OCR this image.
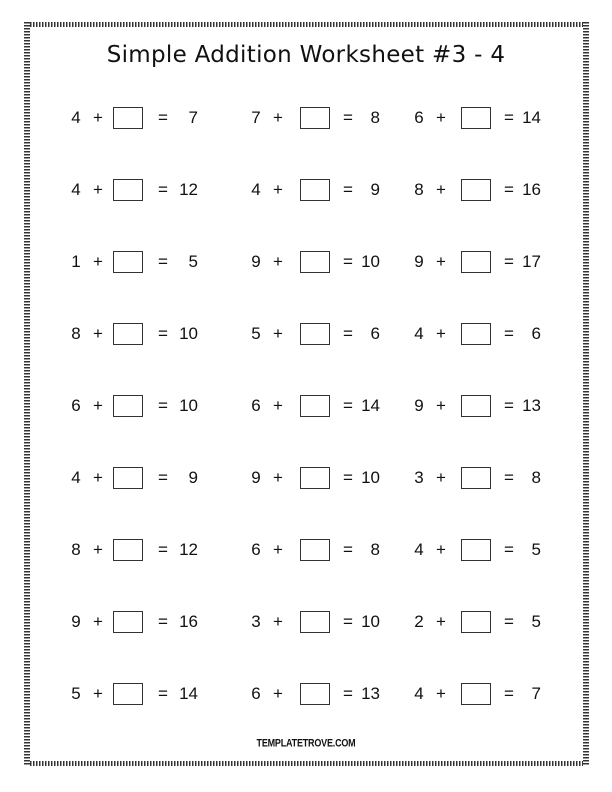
Simple Addition Worksheet #3 - 4
4 +	=	7	7 +	=	8	6 +	= 14
4 +	= 12	4 +	=	9	8 +	= 16
1 +	=	5	9 +	= 10	9 +	= 17
8 +	= 10	5 +	=	6	4 +	=	6
6 +	= 10	6 +	= 14	9 +	= 13
4 +	=	9	9 +	= 10	3 +	=	8
8 +	= 12	6 +	=	8	4 +	=	5
9 +	= 16	3 +	= 10	2 +	=	5
5 +	= 14	6 +	= 13	4 +	=	7
TEMPLATETROVE.COM
